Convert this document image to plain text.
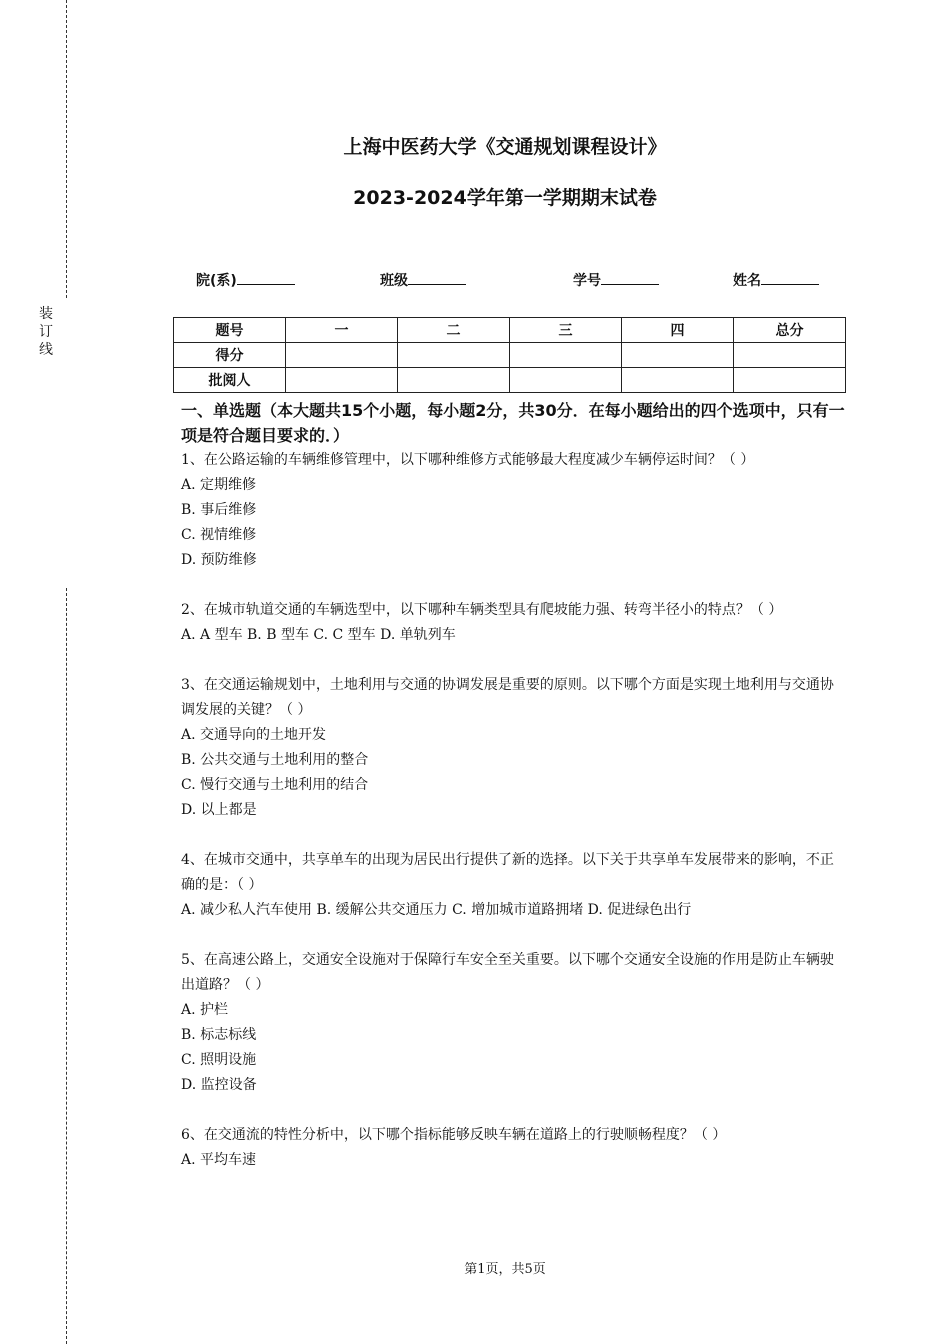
装
订
线
上海中医药大学《交通规划课程设计》
2023-2024学年第一学期期末试卷
院(系)	班级	学号	姓名
题号	一	二	三	四	总分
得分					
批阅人					

一、单选题（本大题共15个小题，每小题2分，共30分．在每小题给出的四个选项中，只有一项是符合题目要求的．）

1、在公路运输的车辆维修管理中，以下哪种维修方式能够最大程度减少车辆停运时间？（ ）

A. 定期维修

B. 事后维修

C. 视情维修

D. 预防维修

2、在城市轨道交通的车辆选型中，以下哪种车辆类型具有爬坡能力强、转弯半径小的特点？（ ）

A. A 型车 B. B 型车 C. C 型车 D. 单轨列车

3、在交通运输规划中，土地利用与交通的协调发展是重要的原则。以下哪个方面是实现土地利用与交通协调发展的关键？（ ）

A. 交通导向的土地开发

B. 公共交通与土地利用的整合

C. 慢行交通与土地利用的结合

D. 以上都是

4、在城市交通中，共享单车的出现为居民出行提供了新的选择。以下关于共享单车发展带来的影响，不正确的是：（ ）

A. 减少私人汽车使用 B. 缓解公共交通压力 C. 增加城市道路拥堵 D. 促进绿色出行

5、在高速公路上，交通安全设施对于保障行车安全至关重要。以下哪个交通安全设施的作用是防止车辆驶出道路？（ ）

A. 护栏

B. 标志标线

C. 照明设施

D. 监控设备

6、在交通流的特性分析中，以下哪个指标能够反映车辆在道路上的行驶顺畅程度？（ ）

A. 平均车速

第1页，共5页
